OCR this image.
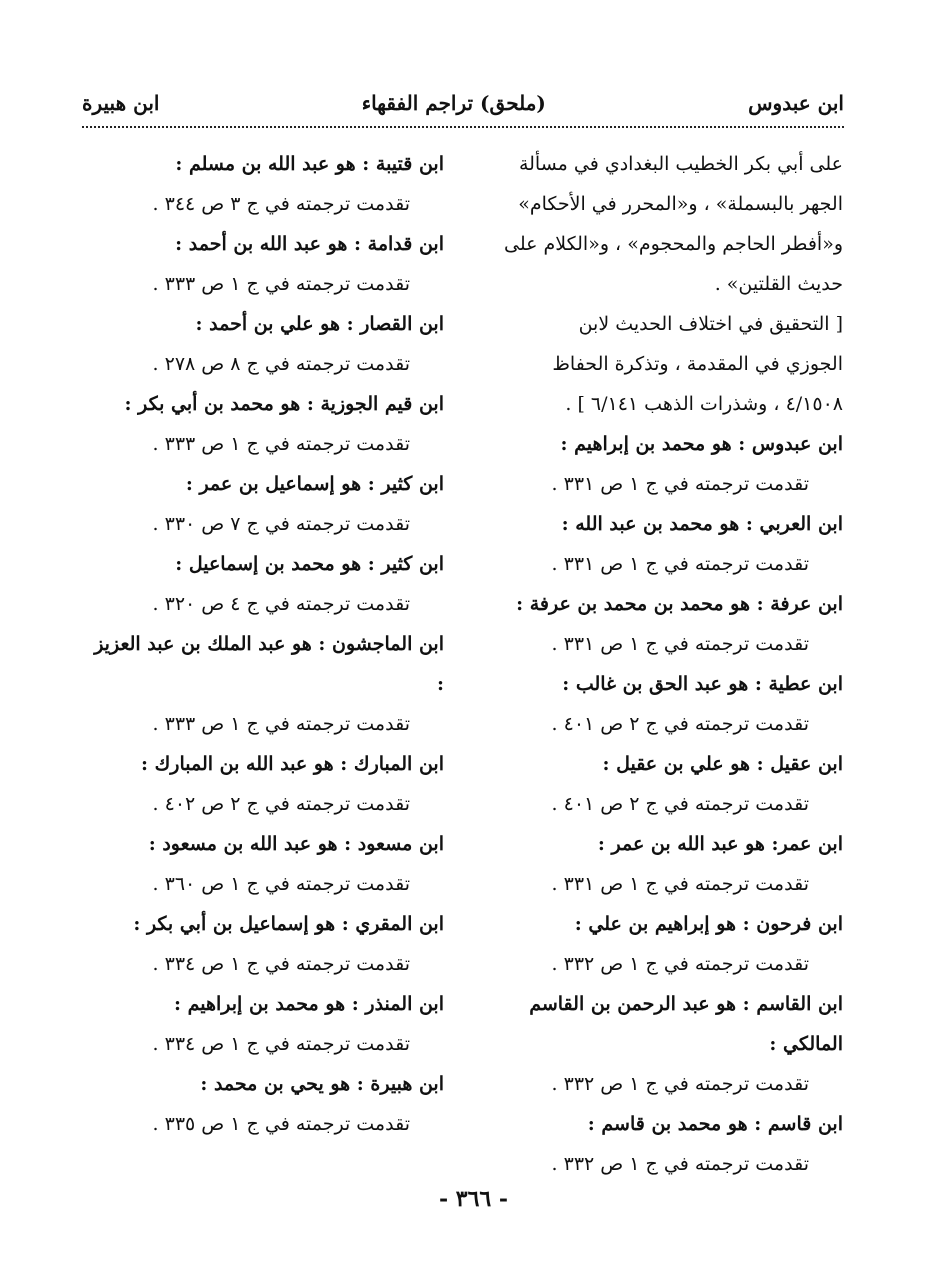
ابن عبدوس
(ملحق) تراجم الفقهاء
ابن هبيرة
على أبي بكر الخطيب البغدادي في مسألة
الجهر بالبسملة» ، و«المحرر في الأحكام»
و«أفطر الحاجم والمحجوم» ، و«الكلام على
حديث القلتين» .
[ التحقيق في اختلاف الحديث لابن
الجوزي في المقدمة ، وتذكرة الحفاظ
٤/١٥٠٨ ، وشذرات الذهب ٦/١٤١ ] .
ابن عبدوس : هو محمد بن إبراهيم :
تقدمت ترجمته في ج ١ ص ٣٣١ .
ابن العربي : هو محمد بن عبد الله :
تقدمت ترجمته في ج ١ ص ٣٣١ .
ابن عرفة : هو محمد بن محمد بن عرفة :
تقدمت ترجمته في ج ١ ص ٣٣١ .
ابن عطية : هو عبد الحق بن غالب :
تقدمت ترجمته في ج ٢ ص ٤٠١ .
ابن عقيل : هو علي بن عقيل :
تقدمت ترجمته في ج ٢ ص ٤٠١ .
ابن عمر: هو عبد الله بن عمر :
تقدمت ترجمته في ج ١ ص ٣٣١ .
ابن فرحون : هو إبراهيم بن علي :
تقدمت ترجمته في ج ١ ص ٣٣٢ .
ابن القاسم : هو عبد الرحمن بن القاسم المالكي :
تقدمت ترجمته في ج ١ ص ٣٣٢ .
ابن قاسم : هو محمد بن قاسم :
تقدمت ترجمته في ج ١ ص ٣٣٢ .
ابن قتيبة : هو عبد الله بن مسلم :
تقدمت ترجمته في ج ٣ ص ٣٤٤ .
ابن قدامة : هو عبد الله بن أحمد :
تقدمت ترجمته في ج ١ ص ٣٣٣ .
ابن القصار : هو علي بن أحمد :
تقدمت ترجمته في ج ٨ ص ٢٧٨ .
ابن قيم الجوزية : هو محمد بن أبي بكر :
تقدمت ترجمته في ج ١ ص ٣٣٣ .
ابن كثير : هو إسماعيل بن عمر :
تقدمت ترجمته في ج ٧ ص ٣٣٠ .
ابن كثير : هو محمد بن إسماعيل :
تقدمت ترجمته في ج ٤ ص ٣٢٠ .
ابن الماجشون : هو عبد الملك بن عبد العزيز :
تقدمت ترجمته في ج ١ ص ٣٣٣ .
ابن المبارك : هو عبد الله بن المبارك :
تقدمت ترجمته في ج ٢ ص ٤٠٢ .
ابن مسعود : هو عبد الله بن مسعود :
تقدمت ترجمته في ج ١ ص ٣٦٠ .
ابن المقري : هو إسماعيل بن أبي بكر :
تقدمت ترجمته في ج ١ ص ٣٣٤ .
ابن المنذر : هو محمد بن إبراهيم :
تقدمت ترجمته في ج ١ ص ٣٣٤ .
ابن هبيرة : هو يحي بن محمد :
تقدمت ترجمته في ج ١ ص ٣٣٥ .
- ٣٦٦ -
